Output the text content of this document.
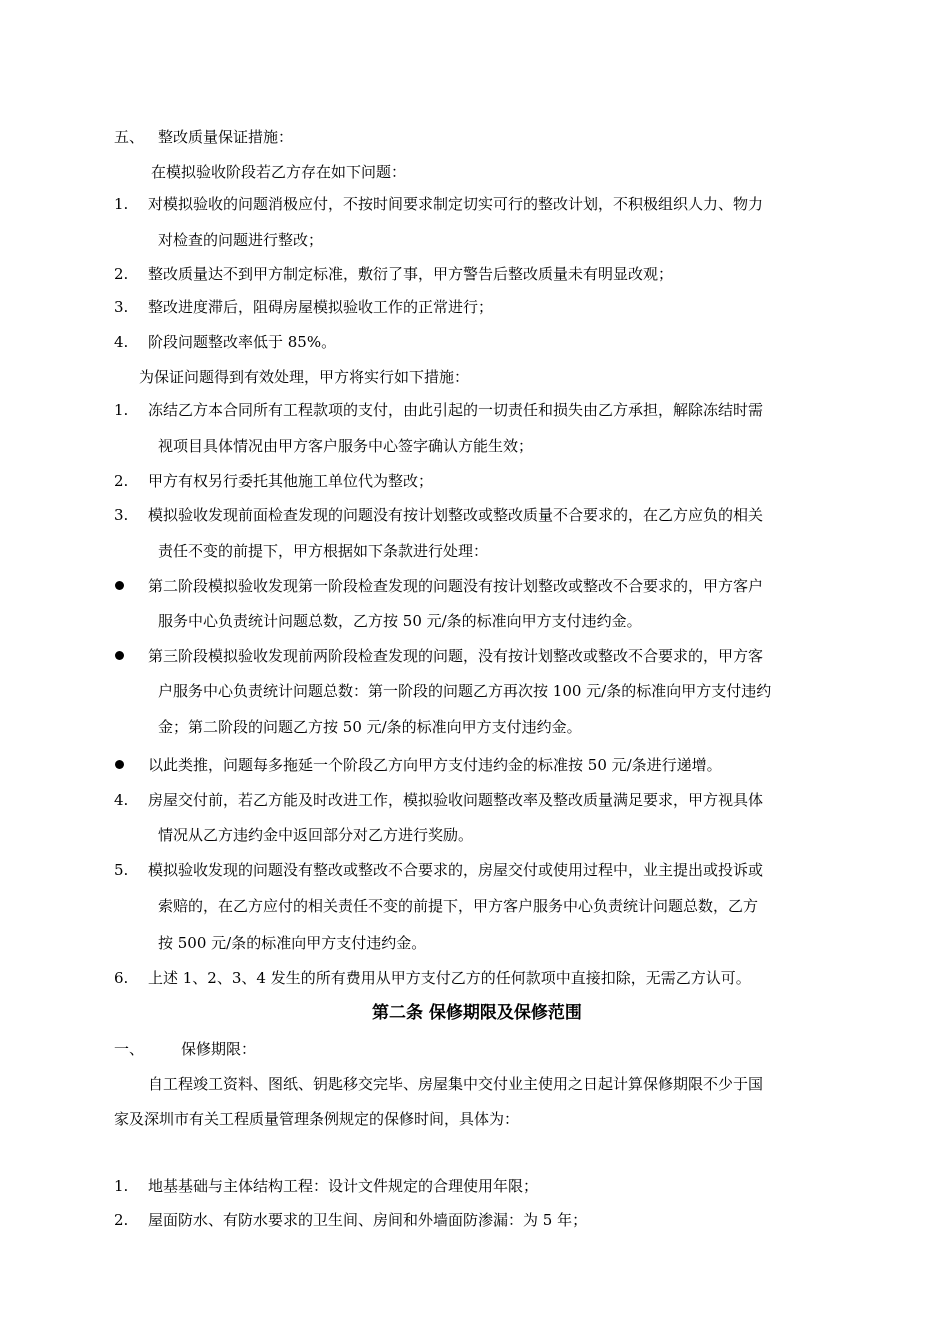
五、 整改质量保证措施：
在模拟验收阶段若乙方存在如下问题：
1. 对模拟验收的问题消极应付，不按时间要求制定切实可行的整改计划，不积极组织人力、物力
对检查的问题进行整改；
2. 整改质量达不到甲方制定标准，敷衍了事，甲方警告后整改质量未有明显改观；
3. 整改进度滞后，阻碍房屋模拟验收工作的正常进行；
4. 阶段问题整改率低于 85%。
为保证问题得到有效处理，甲方将实行如下措施：
1. 冻结乙方本合同所有工程款项的支付，由此引起的一切责任和损失由乙方承担，解除冻结时需
视项目具体情况由甲方客户服务中心签字确认方能生效；
2. 甲方有权另行委托其他施工单位代为整改；
3. 模拟验收发现前面检查发现的问题没有按计划整改或整改质量不合要求的，在乙方应负的相关
责任不变的前提下，甲方根据如下条款进行处理：
第二阶段模拟验收发现第一阶段检查发现的问题没有按计划整改或整改不合要求的，甲方客户
服务中心负责统计问题总数，乙方按 50 元/条的标准向甲方支付违约金。
第三阶段模拟验收发现前两阶段检查发现的问题，没有按计划整改或整改不合要求的，甲方客
户服务中心负责统计问题总数：第一阶段的问题乙方再次按 100 元/条的标准向甲方支付违约
金；第二阶段的问题乙方按 50 元/条的标准向甲方支付违约金。
以此类推，问题每多拖延一个阶段乙方向甲方支付违约金的标准按 50 元/条进行递增。
4. 房屋交付前，若乙方能及时改进工作，模拟验收问题整改率及整改质量满足要求，甲方视具体
情况从乙方违约金中返回部分对乙方进行奖励。
5. 模拟验收发现的问题没有整改或整改不合要求的，房屋交付或使用过程中，业主提出或投诉或
索赔的，在乙方应付的相关责任不变的前提下，甲方客户服务中心负责统计问题总数，乙方
按 500 元/条的标准向甲方支付违约金。
6. 上述 1、2、3、4 发生的所有费用从甲方支付乙方的任何款项中直接扣除，无需乙方认可。
第二条 保修期限及保修范围
一、 保修期限：
自工程竣工资料、图纸、钥匙移交完毕、房屋集中交付业主使用之日起计算保修期限不少于国
家及深圳市有关工程质量管理条例规定的保修时间，具体为：
1. 地基基础与主体结构工程：设计文件规定的合理使用年限；
2. 屋面防水、有防水要求的卫生间、房间和外墙面防渗漏：为 5 年；
